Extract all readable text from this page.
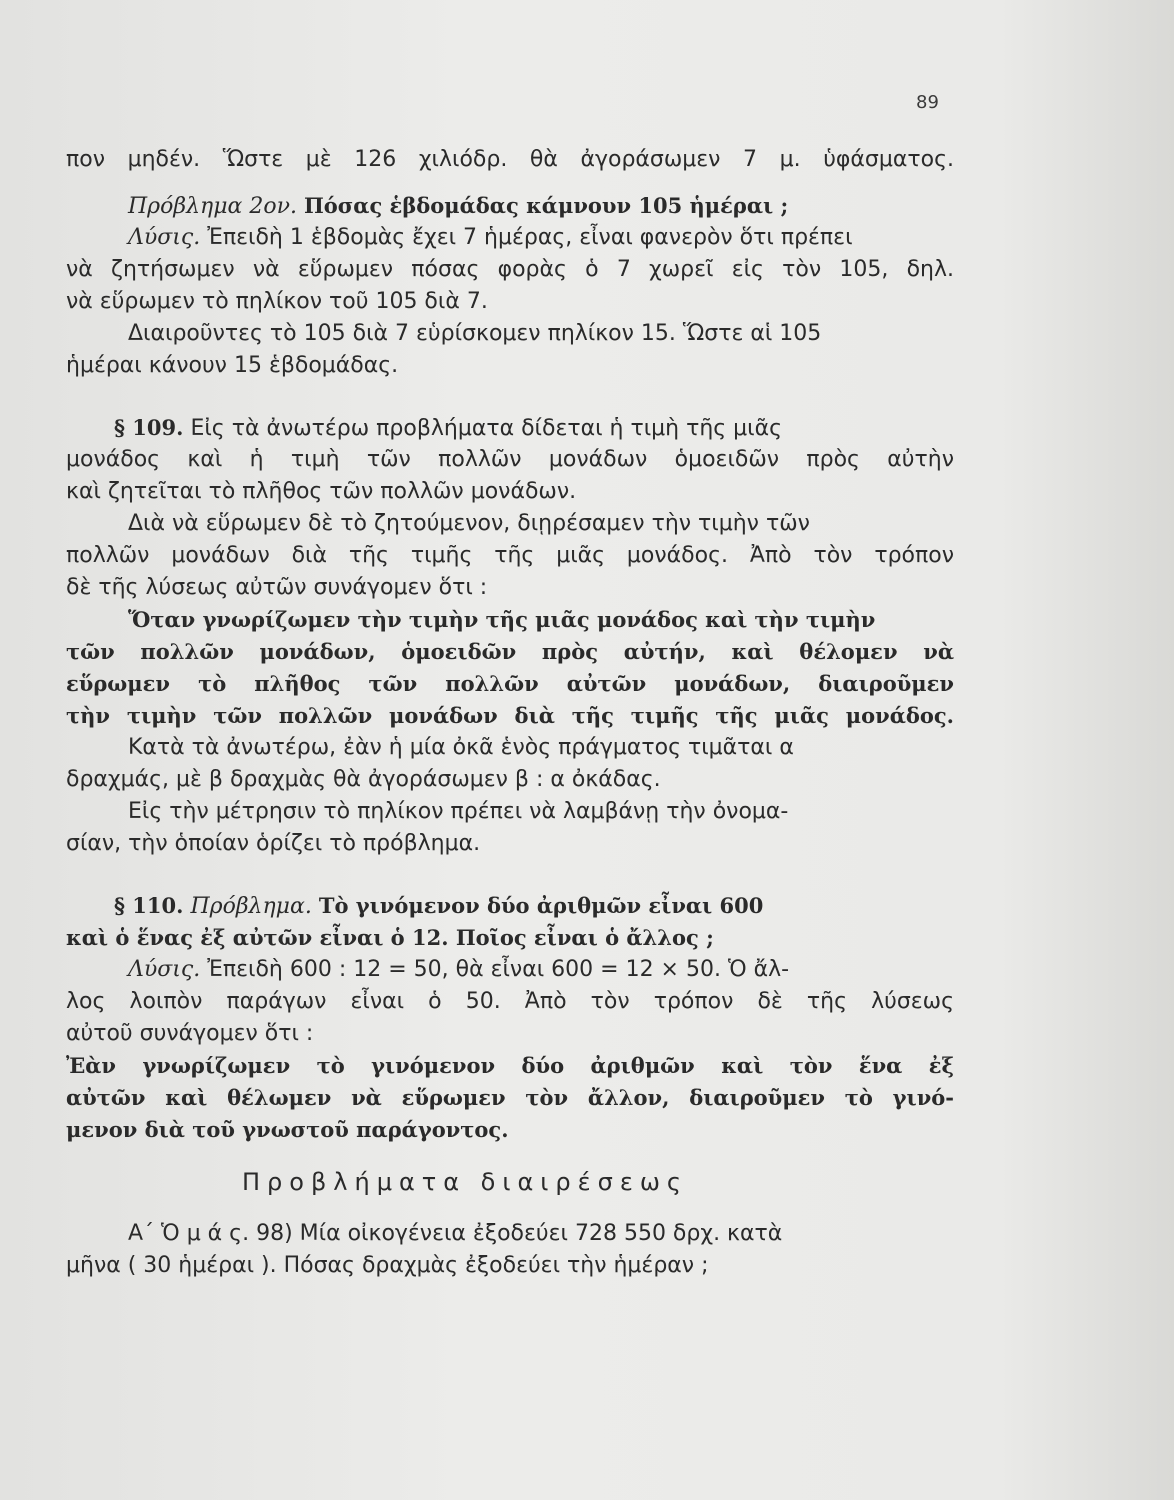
89
πον μηδέν. Ὥστε μὲ 126 χιλιόδρ. θὰ ἀγοράσωμεν 7 μ. ὑφάσματος.
Πρόβλημα 2ον. Πόσας ἑβδομάδας κάμνουν 105 ἡμέραι ;
Λύσις. Ἐπειδὴ 1 ἑβδομὰς ἔχει 7 ἡμέρας, εἶναι φανερὸν ὅτι πρέπει
νὰ ζητήσωμεν νὰ εὕρωμεν πόσας φορὰς ὁ 7 χωρεῖ εἰς τὸν 105, δηλ.
νὰ εὕρωμεν τὸ πηλίκον τοῦ 105 διὰ 7.
Διαιροῦντες τὸ 105 διὰ 7 εὑρίσκομεν πηλίκον 15. Ὥστε αἱ 105
ἡμέραι κάνουν 15 ἑβδομάδας.
§ 109. Εἰς τὰ ἀνωτέρω προβλήματα δίδεται ἡ τιμὴ τῆς μιᾶς
μονάδος καὶ ἡ τιμὴ τῶν πολλῶν μονάδων ὁμοειδῶν πρὸς αὐτὴν
καὶ ζητεῖται τὸ πλῆθος τῶν πολλῶν μονάδων.
Διὰ νὰ εὕρωμεν δὲ τὸ ζητούμενον, διῃρέσαμεν τὴν τιμὴν τῶν
πολλῶν μονάδων διὰ τῆς τιμῆς τῆς μιᾶς μονάδος. Ἀπὸ τὸν τρόπον
δὲ τῆς λύσεως αὐτῶν συνάγομεν ὅτι :
Ὅταν γνωρίζωμεν τὴν τιμὴν τῆς μιᾶς μονάδος καὶ τὴν τιμὴν
τῶν πολλῶν μονάδων, ὁμοειδῶν πρὸς αὐτήν, καὶ θέλομεν νὰ
εὕρωμεν τὸ πλῆθος τῶν πολλῶν αὐτῶν μονάδων, διαιροῦμεν
τὴν τιμὴν τῶν πολλῶν μονάδων διὰ τῆς τιμῆς τῆς μιᾶς μονάδος.
Κατὰ τὰ ἀνωτέρω, ἐὰν ἡ μία ὀκᾶ ἑνὸς πράγματος τιμᾶται α
δραχμάς, μὲ β δραχμὰς θὰ ἀγοράσωμεν β : α ὀκάδας.
Εἰς τὴν μέτρησιν τὸ πηλίκον πρέπει νὰ λαμβάνῃ τὴν ὀνομα-
σίαν, τὴν ὁποίαν ὁρίζει τὸ πρόβλημα.
§ 110. Πρόβλημα. Τὸ γινόμενον δύο ἀριθμῶν εἶναι 600
καὶ ὁ ἕνας ἐξ αὐτῶν εἶναι ὁ 12. Ποῖος εἶναι ὁ ἄλλος ;
Λύσις. Ἐπειδὴ 600 : 12 = 50, θὰ εἶναι 600 = 12 × 50. Ὁ ἄλ-
λος λοιπὸν παράγων εἶναι ὁ 50. Ἀπὸ τὸν τρόπον δὲ τῆς λύσεως
αὐτοῦ συνάγομεν ὅτι :
Ἐὰν γνωρίζωμεν τὸ γινόμενον δύο ἀριθμῶν καὶ τὸν ἕνα ἐξ
αὐτῶν καὶ θέλωμεν νὰ εὕρωμεν τὸν ἄλλον, διαιροῦμεν τὸ γινό-
μενον διὰ τοῦ γνωστοῦ παράγοντος.
Προβλήματα διαιρέσεως
Α΄ Ὁ μ ά ς. 98) Μία οἰκογένεια ἐξοδεύει 728 550 δρχ. κατὰ
μῆνα ( 30 ἡμέραι ). Πόσας δραχμὰς ἐξοδεύει τὴν ἡμέραν ;
